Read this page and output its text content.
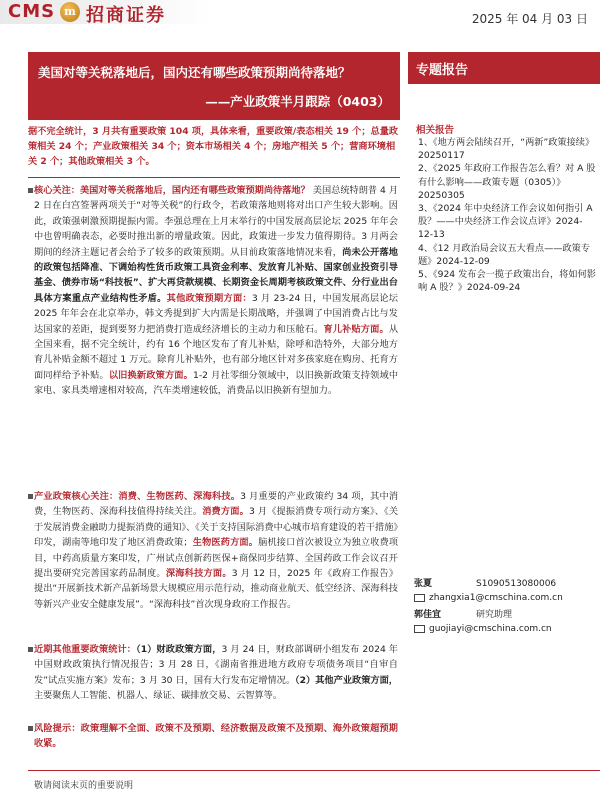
CMS m 招商证券	2025 年 04 月 03 日
美国对等关税落地后，国内还有哪些政策预期尚待落地？
——产业政策半月跟踪（0403）
专题报告
据不完全统计，3 月共有重要政策 104 项，具体来看，重要政策/表态相关 19 个；总量政策相关 24 个；产业政策相关 34 个；资本市场相关 4 个；房地产相关 5 个；营商环境相关 2 个；其他政策相关 3 个。
核心关注：美国对等关税落地后，国内还有哪些政策预期尚待落地？ 美国总统特朗普 4 月 2 日在白宫签署两项关于“对等关税”的行政令，若政策落地则将对出口产生较大影响。因此，政策强刺激预期提振内需。李强总理在上月末举行的中国发展高层论坛 2025 年年会中也曾明确表态，必要时推出新的增量政策。因此，政策进一步发力值得期待。3 月两会期间的经济主题记者会给予了较多的政策预期。从目前政策落地情况来看，尚未公开落地的政策包括降准、下调始构性货币政策工具资金利率、发放育儿补贴、国家创业投资引导基金、债券市场“科技板”、扩大再贷款规模、长期资金长周期考核政策文件、分行业出台具体方案重点产业结构性矛盾。其他政策预期方面：3 月 23-24 日，中国发展高层论坛 2025 年年会在北京举办，韩文秀提到扩大内需是长期战略，并强调了中国消费占比与发达国家的差距，提到要努力把消费打造成经济增长的主动力和压舱石。育儿补贴方面。从全国来看，据不完全统计，约有 16 个地区发布了育儿补贴，除呼和浩特外，大部分地方育儿补贴金额不超过 1 万元。除育儿补贴外，也有部分地区针对多孩家庭在购房、托育方面同样给予补贴。以旧换新政策方面。1-2 月社零细分领域中，以旧换新政策支持领域中家电、家具类增速相对较高，汽车类增速较低，消费品以旧换新有望加力。
产业政策核心关注：消费、生物医药、深海科技。3 月重要的产业政策约 34 项，其中消费，生物医药、深海科技值得持续关注。消费方面。3 月《提振消费专项行动方案》、《关于发展消费金融助力提振消费的通知》、《关于支持国际消费中心城市培育建设的若干措施》印发，湖南等地印发了地区消费政策；生物医药方面。脑机接口首次被设立为独立收费项目，中药高质量方案印发，广州试点创新药医保+商保同步结算、全国药政工作会议召开提出要研究完善国家药品制度。深海科技方面。3 月 12 日，2025 年《政府工作报告》提出“开展新技术新产品新场景大规模应用示范行动，推动商业航天、低空经济、深海科技等新兴产业安全健康发展”。“深海科技”首次现身政府工作报告。
近期其他重要政策统计：（1）财政政策方面，3 月 24 日，财政部调研小组发布 2024 年中国财政政策执行情况报告；3 月 28 日，《湖南省推进地方政府专项债务项目“自审自发”试点实施方案》发布；3 月 30 日，国有大行发布定增情况。（2）其他产业政策方面，主要聚焦人工智能、机器人、绿证、碳排放交易、云智算等。
风险提示：政策理解不全面、政策不及预期、经济数据及政策不及预期、海外政策超预期收紧。
相关报告
1、《地方两会陆续召开，“两新”政策接续》20250117
2、《2025 年政府工作报告怎么看？对 A 股有什么影响——政策专题（0305）》20250305
3、《2024 年中央经济工作会议如何指引 A 股？——中央经济工作会议点评》2024-12-13
4、《12 月政治局会议五大看点——政策专题》2024-12-09
5、《924 发布会一揽子政策出台，将如何影响 A 股？》2024-09-24
张夏	S1090513080006
zhangxia1@cmschina.com.cn
郭佳宜	研究助理
guojiayi@cmschina.com.cn
敬请阅读末页的重要说明
